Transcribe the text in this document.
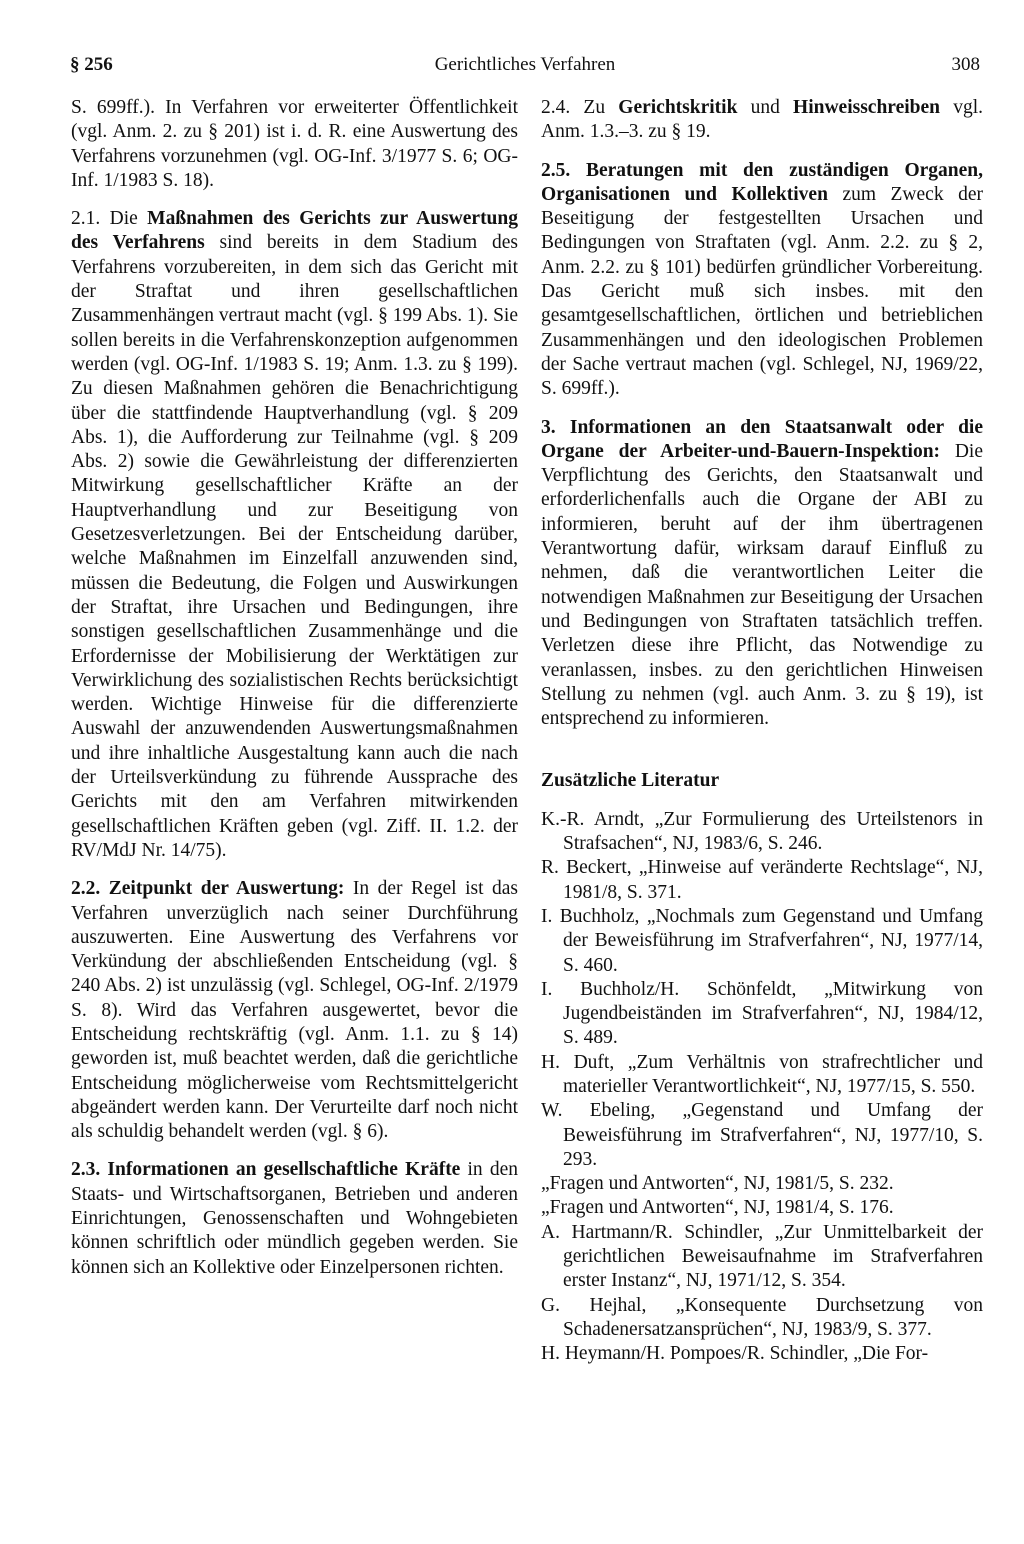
§ 256	Gerichtliches Verfahren	308

S. 699ff.). In Verfahren vor erweiterter Öffentlichkeit (vgl. Anm. 2. zu § 201) ist i. d. R. eine Auswertung des Verfahrens vorzunehmen (vgl. OG-Inf. 3/1977 S. 6; OG-Inf. 1/1983 S. 18).

2.1. Die Maßnahmen des Gerichts zur Auswertung des Verfahrens sind bereits in dem Stadium des Verfahrens vorzubereiten, in dem sich das Gericht mit der Straftat und ihren gesellschaftlichen Zusammenhängen vertraut macht (vgl. § 199 Abs. 1). Sie sollen bereits in die Verfahrenskonzeption aufgenommen werden (vgl. OG-Inf. 1/1983 S. 19; Anm. 1.3. zu § 199). Zu diesen Maßnahmen gehören die Benachrichtigung über die stattfindende Hauptverhandlung (vgl. § 209 Abs. 1), die Aufforderung zur Teilnahme (vgl. § 209 Abs. 2) sowie die Gewährleistung der differenzierten Mitwirkung gesellschaftlicher Kräfte an der Hauptverhandlung und zur Beseitigung von Gesetzesverletzungen. Bei der Entscheidung darüber, welche Maßnahmen im Einzelfall anzuwenden sind, müssen die Bedeutung, die Folgen und Auswirkungen der Straftat, ihre Ursachen und Bedingungen, ihre sonstigen gesellschaftlichen Zusammenhänge und die Erfordernisse der Mobilisierung der Werktätigen zur Verwirklichung des sozialistischen Rechts berücksichtigt werden. Wichtige Hinweise für die differenzierte Auswahl der anzuwendenden Auswertungsmaßnahmen und ihre inhaltliche Ausgestaltung kann auch die nach der Urteilsverkündung zu führende Aussprache des Gerichts mit den am Verfahren mitwirkenden gesellschaftlichen Kräften geben (vgl. Ziff. II. 1.2. der RV/MdJ Nr. 14/75).

2.2. Zeitpunkt der Auswertung: In der Regel ist das Verfahren unverzüglich nach seiner Durchführung auszuwerten. Eine Auswertung des Verfahrens vor Verkündung der abschließenden Entscheidung (vgl. § 240 Abs. 2) ist unzulässig (vgl. Schlegel, OG-Inf. 2/1979 S. 8). Wird das Verfahren ausgewertet, bevor die Entscheidung rechtskräftig (vgl. Anm. 1.1. zu § 14) geworden ist, muß beachtet werden, daß die gerichtliche Entscheidung möglicherweise vom Rechtsmittelgericht abgeändert werden kann. Der Verurteilte darf noch nicht als schuldig behandelt werden (vgl. § 6).

2.3. Informationen an gesellschaftliche Kräfte in den Staats- und Wirtschaftsorganen, Betrieben und anderen Einrichtungen, Genossenschaften und Wohngebieten können schriftlich oder mündlich gegeben werden. Sie können sich an Kollektive oder Einzelpersonen richten.

2.4. Zu Gerichtskritik und Hinweisschreiben vgl. Anm. 1.3.–3. zu § 19.

2.5. Beratungen mit den zuständigen Organen, Organisationen und Kollektiven zum Zweck der Beseitigung der festgestellten Ursachen und Bedingungen von Straftaten (vgl. Anm. 2.2. zu § 2, Anm. 2.2. zu § 101) bedürfen gründlicher Vorbereitung. Das Gericht muß sich insbes. mit den gesamtgesellschaftlichen, örtlichen und betrieblichen Zusammenhängen und den ideologischen Problemen der Sache vertraut machen (vgl. Schlegel, NJ, 1969/22, S. 699ff.).

3. Informationen an den Staatsanwalt oder die Organe der Arbeiter-und-Bauern-Inspektion: Die Verpflichtung des Gerichts, den Staatsanwalt und erforderlichenfalls auch die Organe der ABI zu informieren, beruht auf der ihm übertragenen Verantwortung dafür, wirksam darauf Einfluß zu nehmen, daß die verantwortlichen Leiter die notwendigen Maßnahmen zur Beseitigung der Ursachen und Bedingungen von Straftaten tatsächlich treffen. Verletzen diese ihre Pflicht, das Notwendige zu veranlassen, insbes. zu den gerichtlichen Hinweisen Stellung zu nehmen (vgl. auch Anm. 3. zu § 19), ist entsprechend zu informieren.

Zusätzliche Literatur
K.-R. Arndt, „Zur Formulierung des Urteilstenors in Strafsachen“, NJ, 1983/6, S. 246.
R. Beckert, „Hinweise auf veränderte Rechtslage“, NJ, 1981/8, S. 371.
I. Buchholz, „Nochmals zum Gegenstand und Umfang der Beweisführung im Strafverfahren“, NJ, 1977/14, S. 460.
I. Buchholz/H. Schönfeldt, „Mitwirkung von Jugendbeiständen im Strafverfahren“, NJ, 1984/12, S. 489.
H. Duft, „Zum Verhältnis von strafrechtlicher und materieller Verantwortlichkeit“, NJ, 1977/15, S. 550.
W. Ebeling, „Gegenstand und Umfang der Beweisführung im Strafverfahren“, NJ, 1977/10, S. 293.
„Fragen und Antworten“, NJ, 1981/5, S. 232.
„Fragen und Antworten“, NJ, 1981/4, S. 176.
A. Hartmann/R. Schindler, „Zur Unmittelbarkeit der gerichtlichen Beweisaufnahme im Strafverfahren erster Instanz“, NJ, 1971/12, S. 354.
G. Hejhal, „Konsequente Durchsetzung von Schadenersatzansprüchen“, NJ, 1983/9, S. 377.
H. Heymann/H. Pompoes/R. Schindler, „Die For-
